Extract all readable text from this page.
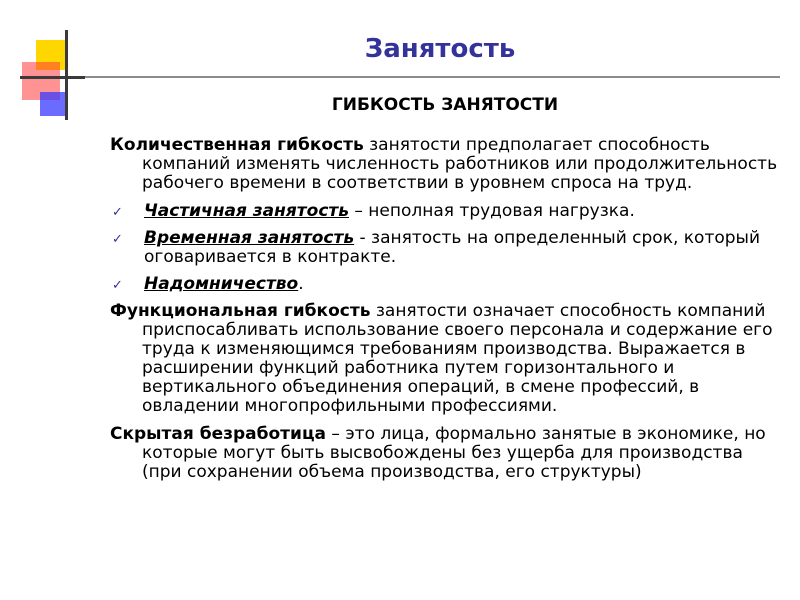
Занятость
ГИБКОСТЬ ЗАНЯТОСТИ

Количественная гибкость занятости предполагает способность компаний изменять численность работников или продолжительность рабочего времени в соответствии в уровнем спроса на труд.

✓ Частичная занятость – неполная трудовая нагрузка.
✓ Временная занятость - занятость на определенный срок, который оговаривается в контракте.
✓ Надомничество.

Функциональная гибкость занятости означает способность компаний приспосабливать использование своего персонала и содержание его труда к изменяющимся требованиям производства. Выражается в расширении функций работника путем горизонтального и вертикального объединения операций, в смене профессий, в овладении многопрофильными профессиями.

Скрытая безработица – это лица, формально занятые в экономике, но которые могут быть высвобождены без ущерба для производства (при сохранении объема производства, его структуры)
